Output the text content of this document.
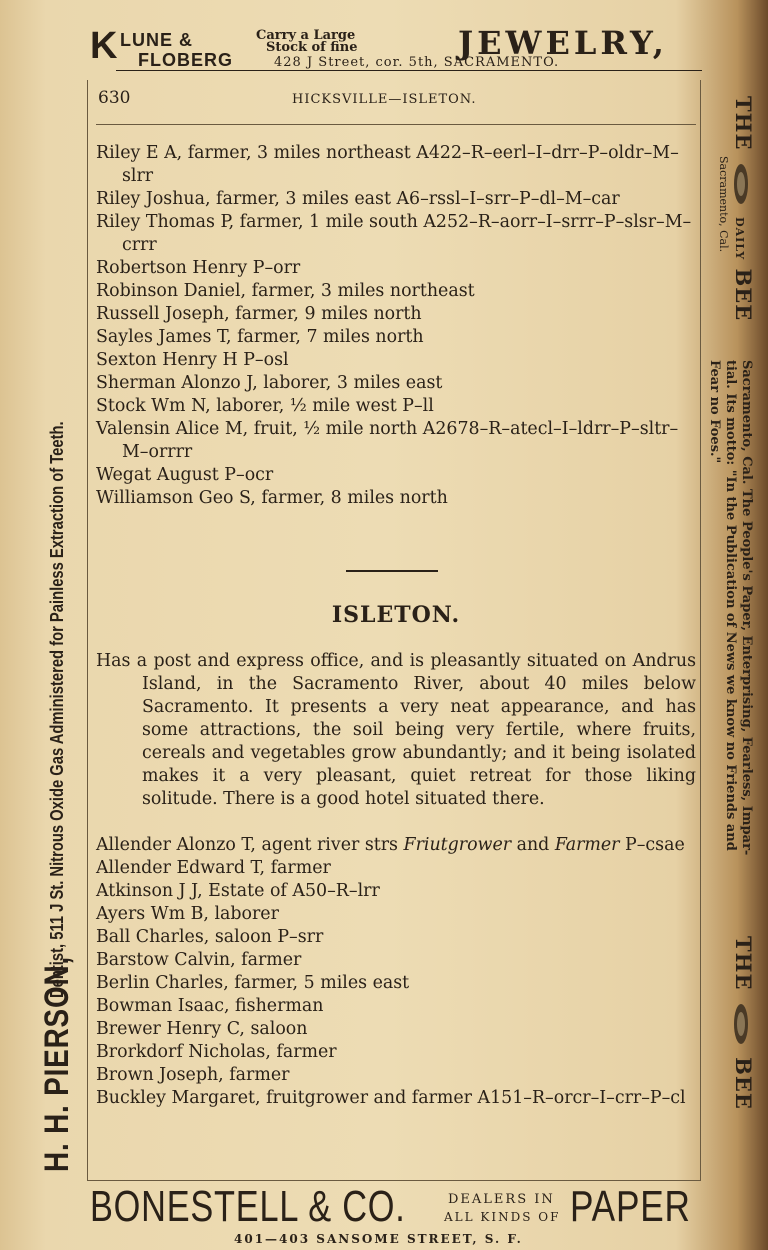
K LUNE &
FLOBERG
Carry a Large
Stock of fine
428 J Street, cor. 5th, SACRAMENTO.
JEWELRY,
630	HICKSVILLE—ISLETON.
Riley E A, farmer, 3 miles northeast A422–R–eerl–I–drr–P–oldr–M–slrr
Riley Joshua, farmer, 3 miles east A6–rssl–I–srr–P–dl–M–car
Riley Thomas P, farmer, 1 mile south A252–R–aorr–I–srrr–P–slsr–M–crrr
Robertson Henry P–orr
Robinson Daniel, farmer, 3 miles northeast
Russell Joseph, farmer, 9 miles north
Sayles James T, farmer, 7 miles north
Sexton Henry H P–osl
Sherman Alonzo J, laborer, 3 miles east
Stock Wm N, laborer, ½ mile west P–ll
Valensin Alice M, fruit, ½ mile north A2678–R–atecl–I–ldrr–P–sltr–M–orrrr
Wegat August P–ocr
Williamson Geo S, farmer, 8 miles north
ISLETON.

Has a post and express office, and is pleasantly situated on Andrus Island, in the Sacramento River, about 40 miles below Sacramento. It presents a very neat appearance, and has some attractions, the soil being very fertile, where fruits, cereals and vegetables grow abundantly; and it being isolated makes it a very pleasant, quiet retreat for those liking solitude. There is a good hotel situated there.

Allender Alonzo T, agent river strs Friutgrower and Farmer P–csae
Allender Edward T, farmer
Atkinson J J, Estate of A50–R–lrr
Ayers Wm B, laborer
Ball Charles, saloon P–srr
Barstow Calvin, farmer
Berlin Charles, farmer, 5 miles east
Bowman Isaac, fisherman
Brewer Henry C, saloon
Brorkdorf Nicholas, farmer
Brown Joseph, farmer
Buckley Margaret, fruitgrower and farmer A151–R–orcr–I–crr–P–cl
BONESTELL & CO.	DEALERS IN
ALL KINDS OF PAPER
401—403 SANSOME STREET, S. F.
H. H. PIERSON, Dentist, 511 J St. Nitrous Oxide Gas Administered for Painless Extraction of Teeth.
THE  DAILY BEE
Sacramento, Cal. The People's Paper, Enterprising, Fearless, Impar-
tial. Its motto: "In the Publication of News we know no Friends and
Fear no Foes."
Sacramento, Cal.
THE  BEE
